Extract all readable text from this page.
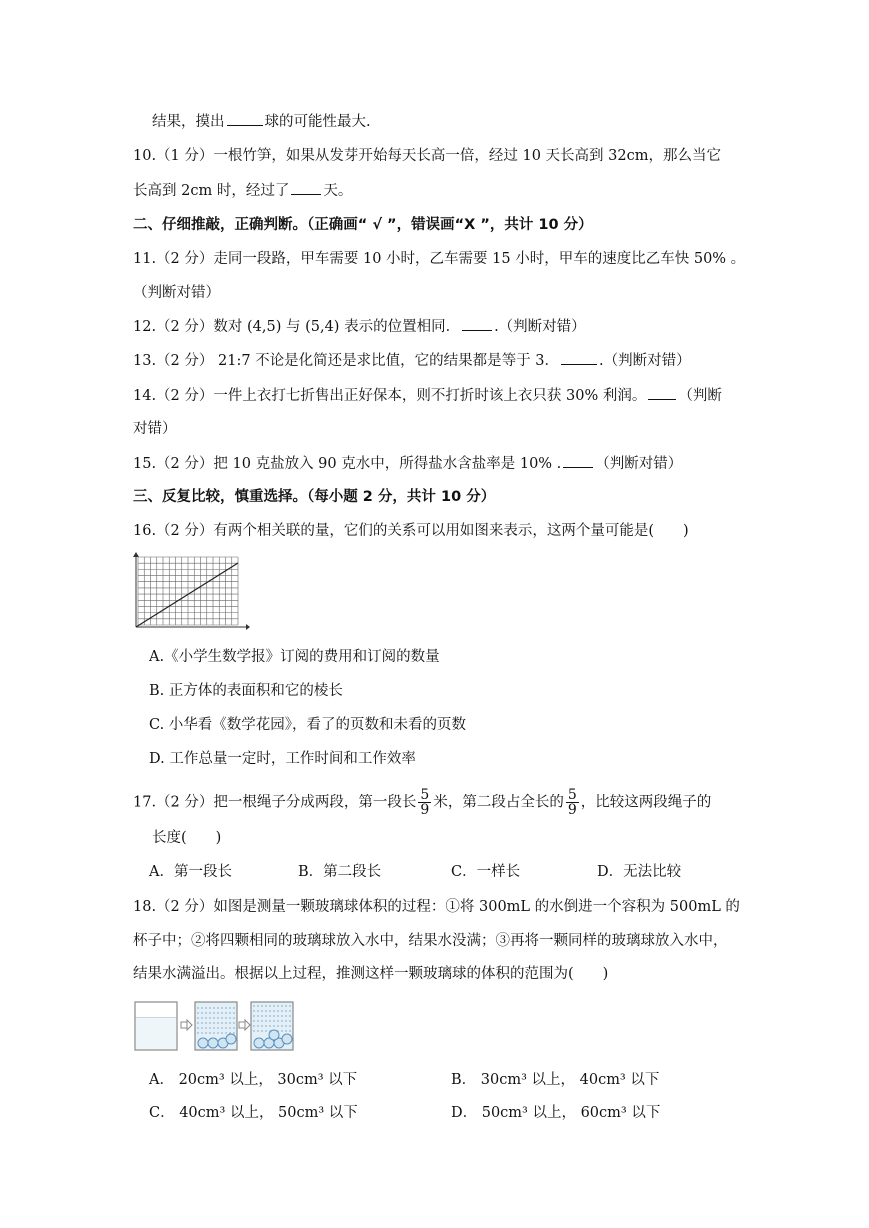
结果，摸出	球的可能性最大.
10.（1 分）一根竹笋，如果从发芽开始每天长高一倍，经过 10 天长高到 32cm，那么当它
长高到 2cm 时，经过了 天。
二、仔细推敲，正确判断。（正确画“ √ ”，错误画“X ”，共计 10 分）
11.（2 分）走同一段路，甲车需要 10 小时，乙车需要 15 小时，甲车的速度比乙车快 50% 。
（判断对错）
12.（2 分）数对 (4,5) 与 (5,4) 表示的位置相同． .（判断对错）
13.（2 分） 21:7 不论是化简还是求比值，它的结果都是等于 3．	.（判断对错）
14.（2 分）一件上衣打七折售出正好保本，则不打折时该上衣只获 30% 利润。 （判断
对错）
15.（2 分）把 10 克盐放入 90 克水中，所得盐水含盐率是 10% . （判断对错）
三、反复比较，慎重选择。（每小题 2 分，共计 10 分）
16.（2 分）有两个相关联的量，它们的关系可以用如图来表示，这两个量可能是(　　)
A.《小学生数学报》订阅的费用和订阅的数量
B. 正方体的表面积和它的棱长
C. 小华看《数学花园》，看了的页数和未看的页数
D. 工作总量一定时，工作时间和工作效率
17.（2 分）把一根绳子分成两段，第一段长 $\frac{5}{9}$ 米，第二段占全长的 $\frac{5}{9}$ ，比较这两段绳子的
长度(　　)
A．第一段长	B．第二段长	C．一样长	D．无法比较
18.（2 分）如图是测量一颗玻璃球体积的过程：①将 300mL 的水倒进一个容积为 500mL 的
杯子中；②将四颗相同的玻璃球放入水中，结果水没满；③再将一颗同样的玻璃球放入水中，
结果水满溢出。根据以上过程，推测这样一颗玻璃球的体积的范围为(　　)
A． 20cm³ 以上， 30cm³ 以下	B． 30cm³ 以上， 40cm³ 以下
C． 40cm³ 以上， 50cm³ 以下	D． 50cm³ 以上， 60cm³ 以下
